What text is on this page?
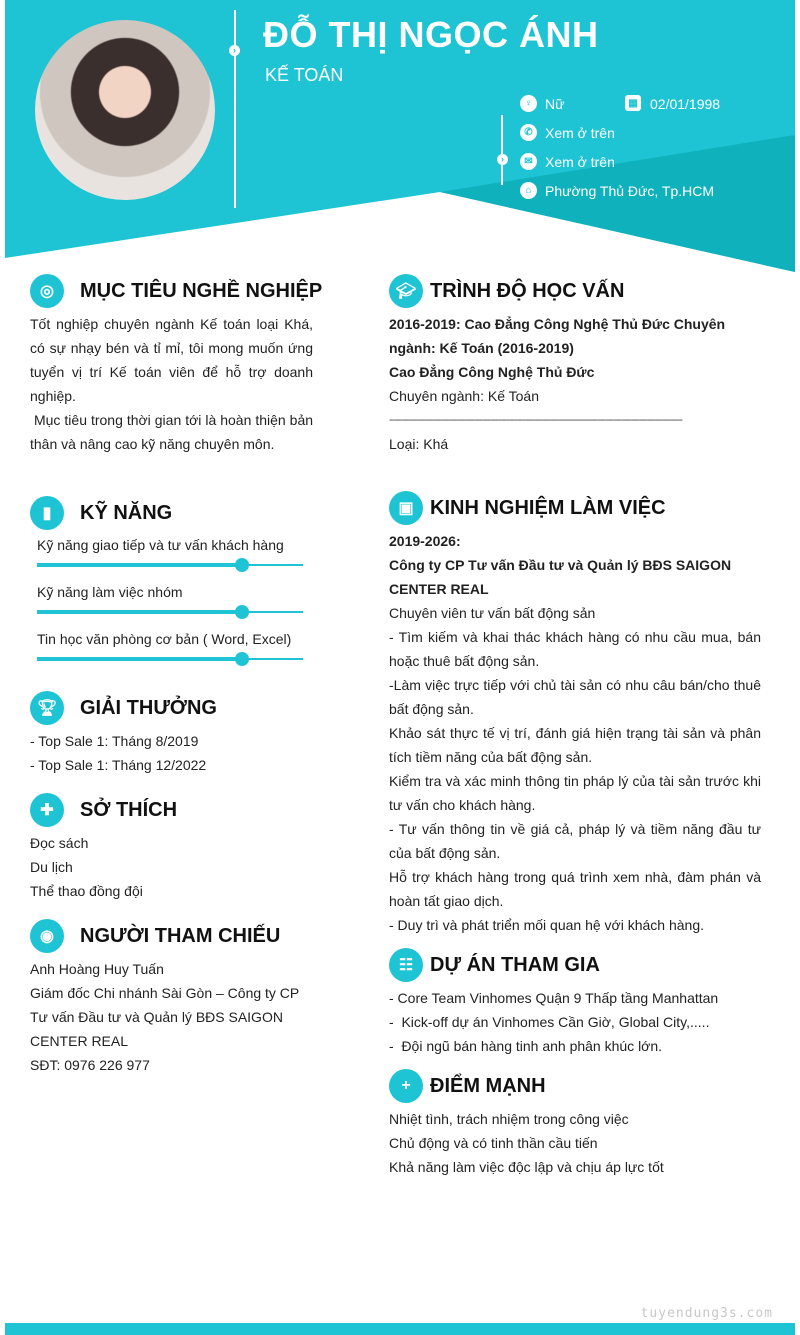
› ĐỖ THỊ NGỌC ÁNH
KẾ TOÁN
›
♀ Nữ	▦ 02/01/1998
✆ Xem ở trên
✉ Xem ở trên
⌂ Phường Thủ Đức, Tp.HCM
◎	MỤC TIÊU NGHỀ NGHIỆP
Tốt nghiệp chuyên ngành Kế toán loại Khá, có sự nhạy bén và tỉ mỉ, tôi mong muốn ứng tuyển vị trí Kế toán viên để hỗ trợ doanh nghiệp.
Mục tiêu trong thời gian tới là hoàn thiện bản thân và nâng cao kỹ năng chuyên môn.
▮	KỸ NĂNG
Kỹ năng giao tiếp và tư vấn khách hàng
Kỹ năng làm việc nhóm
Tin học văn phòng cơ bản ( Word, Excel)
🏆︎	GIẢI THƯỞNG
- Top Sale 1: Tháng 8/2019
- Top Sale 1: Tháng 12/2022
✚	SỞ THÍCH
Đọc sách
Du lịch
Thể thao đồng đội
◉	NGƯỜI THAM CHIẾU
Anh Hoàng Huy Tuấn
Giám đốc Chi nhánh Sài Gòn – Công ty CP Tư vấn Đầu tư và Quản lý BĐS SAIGON CENTER REAL
SĐT: 0976 226 977
🎓︎ TRÌNH ĐỘ HỌC VẤN
2016-2019: Cao Đẳng Công Nghệ Thủ Đức Chuyên ngành: Kế Toán (2016-2019)
Cao Đẳng Công Nghệ Thủ Đức
Chuyên ngành: Kế Toán
--------------------------------------------------------------------------------------------------------------
Loại: Khá
▣ KINH NGHIỆM LÀM VIỆC
2019-2026:
Công ty CP Tư vấn Đầu tư và Quản lý BĐS SAIGON CENTER REAL
Chuyên viên tư vấn bất động sản
- Tìm kiếm và khai thác khách hàng có nhu cầu mua, bán hoặc thuê bất động sản.
-Làm việc trực tiếp với chủ tài sản có nhu câu bán/cho thuê bất động sản.
Khảo sát thực tế vị trí, đánh giá hiện trạng tài sản và phân tích tiềm năng của bất động sản.
Kiểm tra và xác minh thông tin pháp lý của tài sản trước khi tư vấn cho khách hàng.
- Tư vấn thông tin về giá cả, pháp lý và tiềm năng đầu tư của bất động sản.
Hỗ trợ khách hàng trong quá trình xem nhà, đàm phán và hoàn tất giao dịch.
- Duy trì và phát triển mối quan hệ với khách hàng.
☷ DỰ ÁN THAM GIA
- Core Team Vinhomes Quận 9 Thấp tầng Manhattan
-  Kick-off dự án Vinhomes Cần Giờ, Global City,.....
-  Đội ngũ bán hàng tinh anh phân khúc lớn.
+ ĐIỂM MẠNH
Nhiệt tình, trách nhiệm trong công việc
Chủ động và có tinh thần cầu tiến
Khả năng làm việc độc lập và chịu áp lực tốt
tuyendung3s.com
